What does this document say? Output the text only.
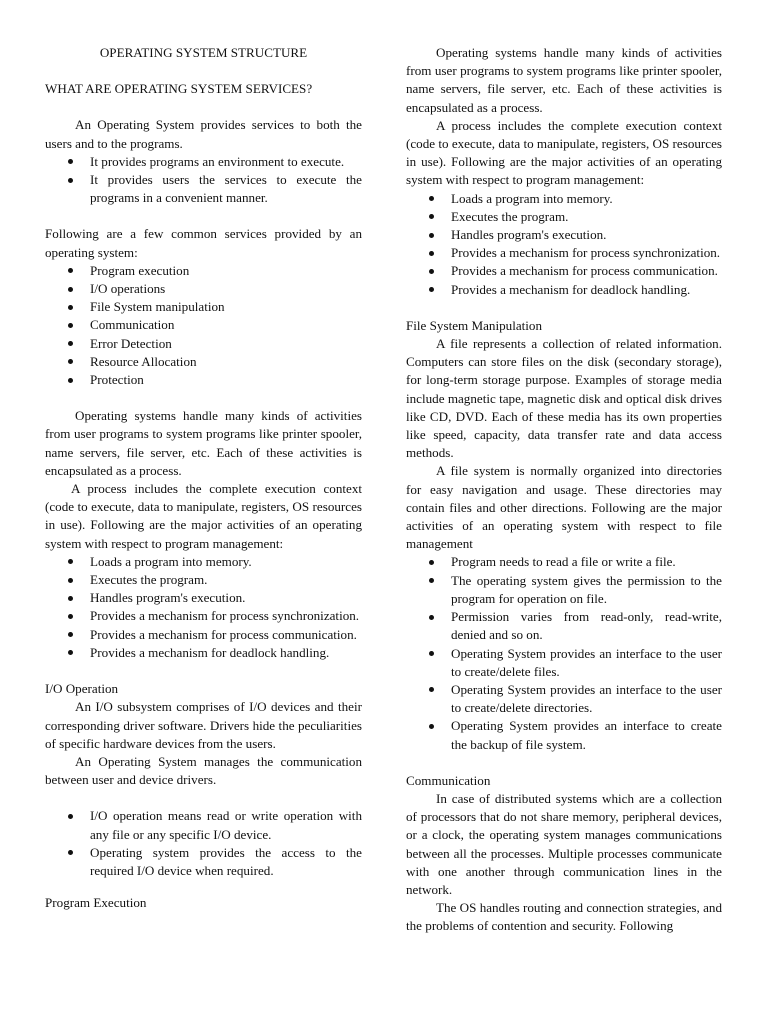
OPERATING SYSTEM STRUCTURE

WHAT ARE OPERATING SYSTEM SERVICES?

An Operating System provides services to both the users and to the programs.

It provides programs an environment to execute.
It provides users the services to execute the programs in a convenient manner.

Following are a few common services provided by an operating system:

Program execution
I/O operations
File System manipulation
Communication
Error Detection
Resource Allocation
Protection

Operating systems handle many kinds of activities from user programs to system programs like printer spooler, name servers, file server, etc. Each of these activities is encapsulated as a process.

A process includes the complete execution context (code to execute, data to manipulate, registers, OS resources in use). Following are the major activities of an operating system with respect to program management:

Loads a program into memory.
Executes the program.
Handles program's execution.
Provides a mechanism for process synchronization.
Provides a mechanism for process communication.
Provides a mechanism for deadlock handling.
I/O Operation

An I/O subsystem comprises of I/O devices and their corresponding driver software. Drivers hide the peculiarities of specific hardware devices from the users.

An Operating System manages the communication between user and device drivers.

I/O operation means read or write operation with any file or any specific I/O device.
Operating system provides the access to the required I/O device when required.
Program Execution

Operating systems handle many kinds of activities from user programs to system programs like printer spooler, name servers, file server, etc. Each of these activities is encapsulated as a process.

A process includes the complete execution context (code to execute, data to manipulate, registers, OS resources in use). Following are the major activities of an operating system with respect to program management:

Loads a program into memory.
Executes the program.
Handles program's execution.
Provides a mechanism for process synchronization.
Provides a mechanism for process communication.
Provides a mechanism for deadlock handling.
File System Manipulation

A file represents a collection of related information. Computers can store files on the disk (secondary storage), for long-term storage purpose. Examples of storage media include magnetic tape, magnetic disk and optical disk drives like CD, DVD. Each of these media has its own properties like speed, capacity, data transfer rate and data access methods.

A file system is normally organized into directories for easy navigation and usage. These directories may contain files and other directions. Following are the major activities of an operating system with respect to file management

Program needs to read a file or write a file.
The operating system gives the permission to the program for operation on file.
Permission varies from read-only, read-write, denied and so on.
Operating System provides an interface to the user to create/delete files.
Operating System provides an interface to the user to create/delete directories.
Operating System provides an interface to create the backup of file system.
Communication

In case of distributed systems which are a collection of processors that do not share memory, peripheral devices, or a clock, the operating system manages communications between all the processes. Multiple processes communicate with one another through communication lines in the network.

The OS handles routing and connection strategies, and the problems of contention and security. Following
